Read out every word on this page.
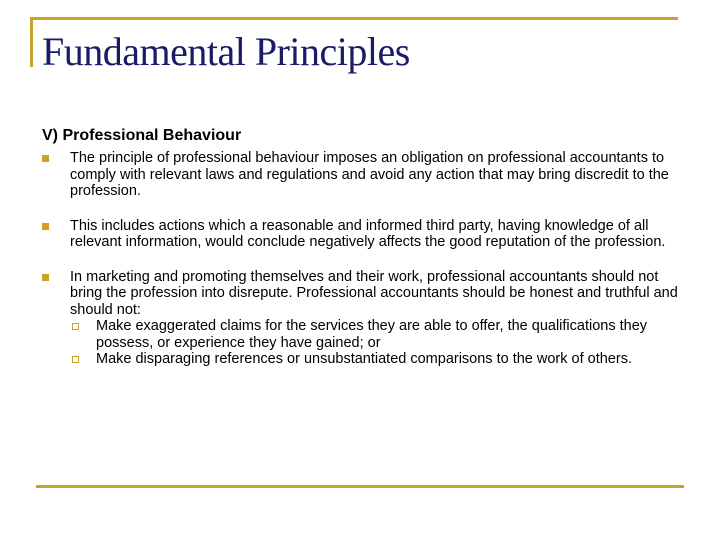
Fundamental Principles
V) Professional Behaviour
The principle of professional behaviour imposes an obligation on professional accountants to comply with relevant laws and regulations and avoid any action that may bring discredit to the profession.
This includes actions which a reasonable and informed third party, having knowledge of all relevant information, would conclude negatively affects the good reputation of the profession.
In marketing and promoting themselves and their work, professional accountants should not bring the profession into disrepute. Professional accountants should be honest and truthful and should not:
Make exaggerated claims for the services they are able to offer, the qualifications they possess, or experience they have gained; or
Make disparaging references or unsubstantiated comparisons to the work of others.
